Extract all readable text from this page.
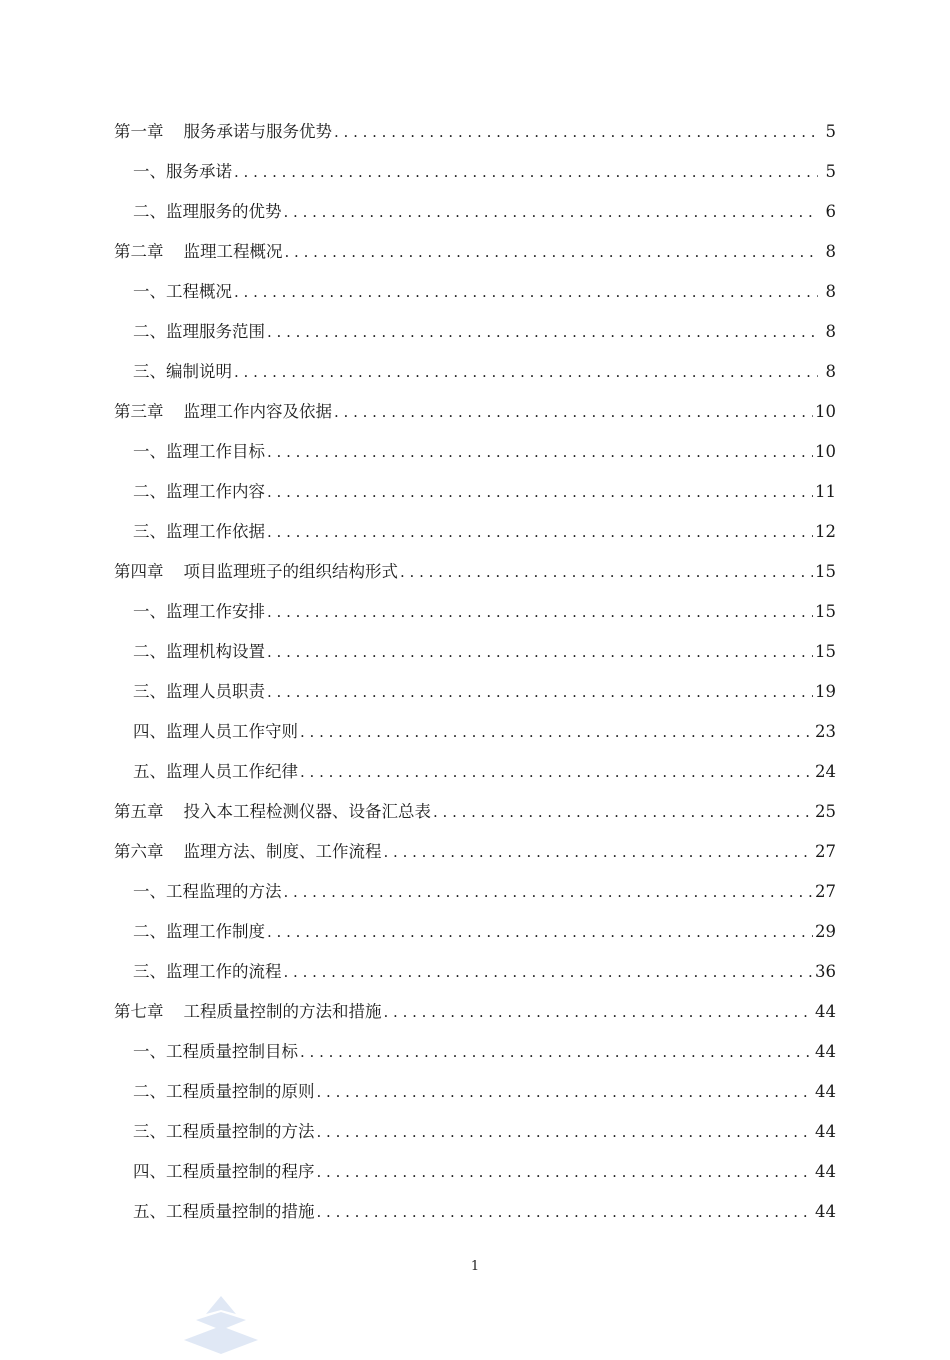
第一章 服务承诺与服务优势 . . .	5
一、服务承诺 . . .	5
二、监理服务的优势 . . .	6
第二章 监理工程概况 . . .	8
一、工程概况 . . .	8
二、监理服务范围 . . .	8
三、编制说明 . . .	8
第三章 监理工作内容及依据 . . .	10
一、监理工作目标 . . .	10
二、监理工作内容 . . .	11
三、监理工作依据 . . .	12
第四章 项目监理班子的组织结构形式 . . .	15
一、监理工作安排 . . .	15
二、监理机构设置 . . .	15
三、监理人员职责 . . .	19
四、监理人员工作守则 . . .	23
五、监理人员工作纪律 . . .	24
第五章 投入本工程检测仪器、设备汇总表 . . .	25
第六章 监理方法、制度、工作流程 . . .	27
一、工程监理的方法 . . .	27
二、监理工作制度 . . .	29
三、监理工作的流程 . . .	36
第七章 工程质量控制的方法和措施 . . .	44
一、工程质量控制目标 . . .	44
二、工程质量控制的原则 . . .	44
三、工程质量控制的方法 . . .	44
四、工程质量控制的程序 . . .	44
五、工程质量控制的措施 . . .	44
1
